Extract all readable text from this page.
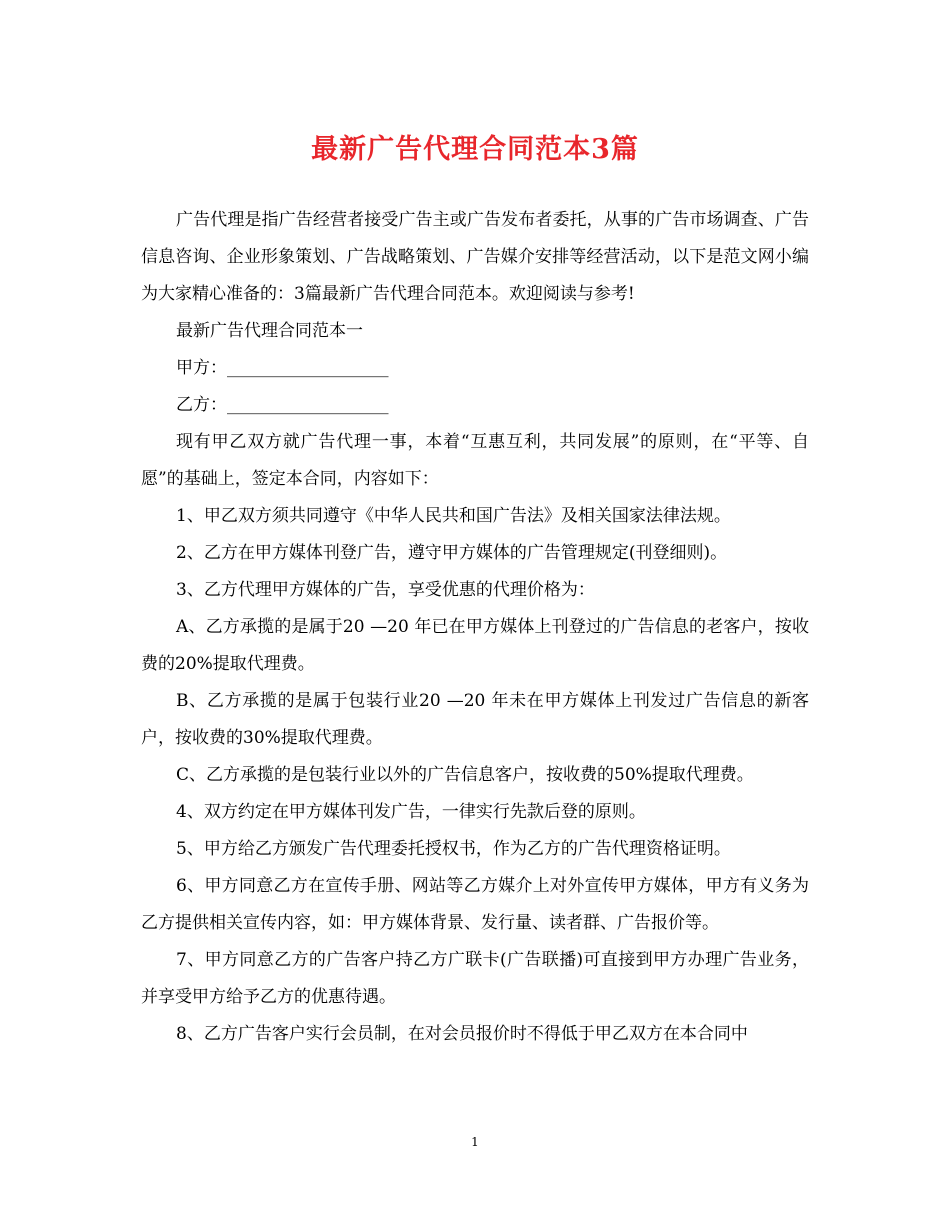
最新广告代理合同范本3篇

广告代理是指广告经营者接受广告主或广告发布者委托，从事的广告市场调查、广告信息咨询、企业形象策划、广告战略策划、广告媒介安排等经营活动，以下是范文网小编为大家精心准备的：3篇最新广告代理合同范本。欢迎阅读与参考!

最新广告代理合同范本一

甲方：___________________

乙方：___________________

现有甲乙双方就广告代理一事，本着“互惠互利，共同发展”的原则，在“平等、自愿”的基础上，签定本合同，内容如下：

1、甲乙双方须共同遵守《中华人民共和国广告法》及相关国家法律法规。

2、乙方在甲方媒体刊登广告，遵守甲方媒体的广告管理规定(刊登细则)。

3、乙方代理甲方媒体的广告，享受优惠的代理价格为：

A、乙方承揽的是属于20 —20 年已在甲方媒体上刊登过的广告信息的老客户，按收费的20%提取代理费。

B、乙方承揽的是属于包装行业20 —20 年未在甲方媒体上刊发过广告信息的新客户，按收费的30%提取代理费。

C、乙方承揽的是包装行业以外的广告信息客户，按收费的50%提取代理费。

4、双方约定在甲方媒体刊发广告，一律实行先款后登的原则。

5、甲方给乙方颁发广告代理委托授权书，作为乙方的广告代理资格证明。

6、甲方同意乙方在宣传手册、网站等乙方媒介上对外宣传甲方媒体，甲方有义务为乙方提供相关宣传内容，如：甲方媒体背景、发行量、读者群、广告报价等。

7、甲方同意乙方的广告客户持乙方广联卡(广告联播)可直接到甲方办理广告业务，并享受甲方给予乙方的优惠待遇。

8、乙方广告客户实行会员制，在对会员报价时不得低于甲乙双方在本合同中

1
